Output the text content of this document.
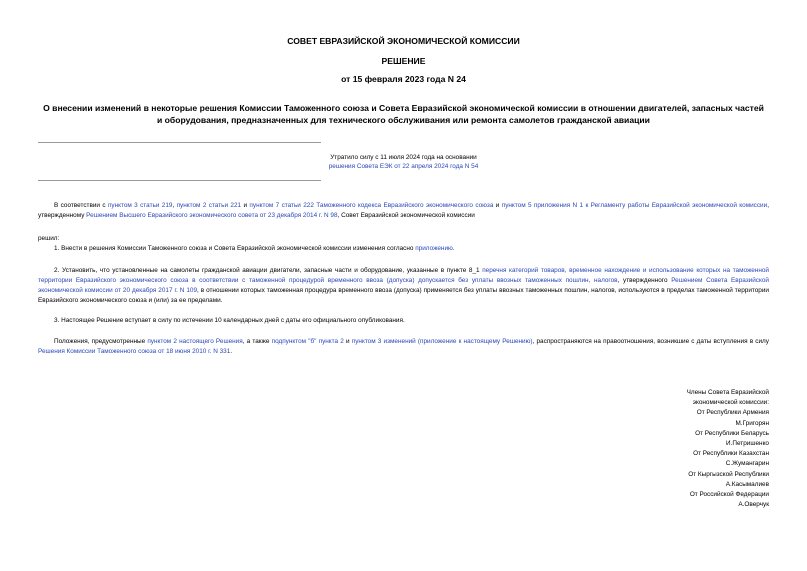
СОВЕТ ЕВРАЗИЙСКОЙ ЭКОНОМИЧЕСКОЙ КОМИССИИ
РЕШЕНИЕ
от 15 февраля 2023 года N 24
О внесении изменений в некоторые решения Комиссии Таможенного союза и Совета Евразийской экономической комиссии в отношении двигателей, запасных частей и оборудования, предназначенных для технического обслуживания или ремонта самолетов гражданской авиации
Утратило силу с 11 июля 2024 года на основании
решения Совета ЕЭК от 22 апреля 2024 года N 54
В соответствии с пунктом 3 статьи 219, пунктом 2 статьи 221 и пунктом 7 статьи 222 Таможенного кодекса Евразийского экономического союза и пунктом 5 приложения N 1 к Регламенту работы Евразийской экономической комиссии, утвержденному Решением Высшего Евразийского экономического совета от 23 декабря 2014 г. N 98, Совет Евразийской экономической комиссии
решил:
1. Внести в решения Комиссии Таможенного союза и Совета Евразийской экономической комиссии изменения согласно приложению.
2. Установить, что установленные на самолеты гражданской авиации двигатели, запасные части и оборудование, указанные в пункте 8_1 перечня категорий товаров, временное нахождение и использование которых на таможенной территории Евразийского экономического союза в соответствии с таможенной процедурой временного ввоза (допуска) допускается без уплаты ввозных таможенных пошлин, налогов, утвержденного Решением Совета Евразийской экономической комиссии от 20 декабря 2017 г. N 109, в отношении которых таможенная процедура временного ввоза (допуска) применяется без уплаты ввозных таможенных пошлин, налогов, используются в пределах таможенной территории Евразийского экономического союза и (или) за ее пределами.
3. Настоящее Решение вступает в силу по истечении 10 календарных дней с даты его официального опубликования.
Положения, предусмотренные пунктом 2 настоящего Решения, а также подпунктом "б" пункта 2 и пунктом 3 изменений (приложение к настоящему Решению), распространяются на правоотношения, возникшие с даты вступления в силу Решения Комиссии Таможенного союза от 18 июня 2010 г. N 331.
Члены Совета Евразийской
экономической комиссии:
От Республики Армения
М.Григорян
От Республики Беларусь
И.Петришенко
От Республики Казахстан
С.Жумангарин
От Кыргызской Республики
А.Касымалиев
От Российской Федерации
А.Оверчук
